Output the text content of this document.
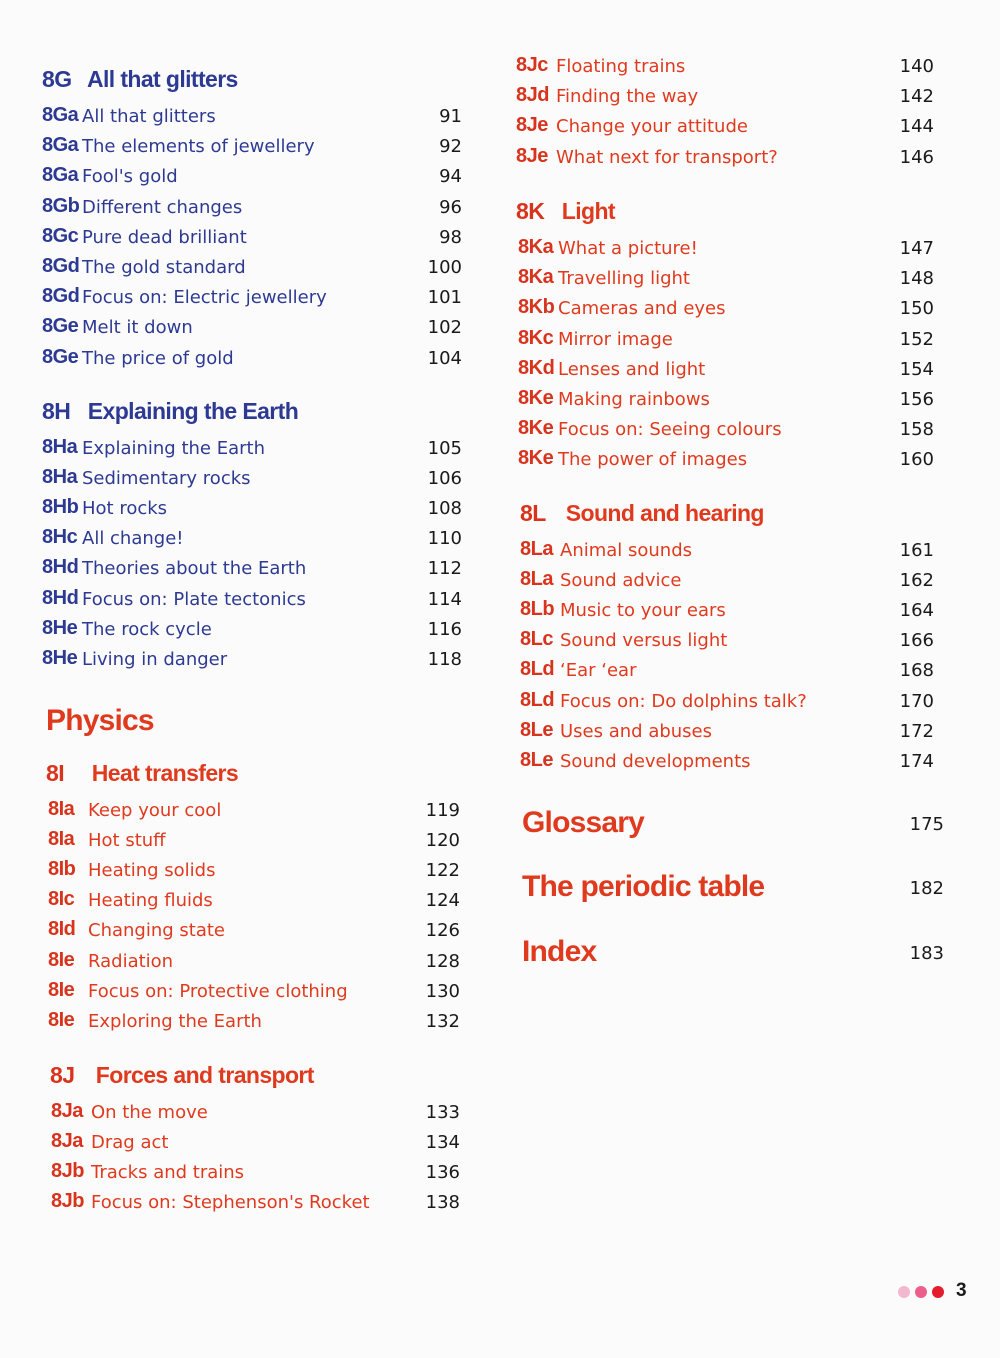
8G All that glitters
8Ga All that glitters	91
8Ga The elements of jewellery	92
8Ga Fool's gold	94
8Gb Different changes	96
8Gc Pure dead brilliant	98
8Gd The gold standard	100
8Gd Focus on: Electric jewellery	101
8Ge Melt it down	102
8Ge The price of gold	104
8H Explaining the Earth
8Ha Explaining the Earth	105
8Ha Sedimentary rocks	106
8Hb Hot rocks	108
8Hc All change!	110
8Hd Theories about the Earth	112
8Hd Focus on: Plate tectonics	114
8He The rock cycle	116
8He Living in danger	118
Physics
8I Heat transfers
8Ia Keep your cool	119
8Ia Hot stuff	120
8Ib Heating solids	122
8Ic Heating fluids	124
8Id Changing state	126
8Ie Radiation	128
8Ie Focus on: Protective clothing	130
8Ie Exploring the Earth	132
8J Forces and transport
8Ja On the move	133
8Ja Drag act	134
8Jb Tracks and trains	136
8Jb Focus on: Stephenson's Rocket	138
8Jc Floating trains	140
8Jd Finding the way	142
8Je Change your attitude	144
8Je What next for transport?	146
8K Light
8Ka What a picture!	147
8Ka Travelling light	148
8Kb Cameras and eyes	150
8Kc Mirror image	152
8Kd Lenses and light	154
8Ke Making rainbows	156
8Ke Focus on: Seeing colours	158
8Ke The power of images	160
8L Sound and hearing
8La Animal sounds	161
8La Sound advice	162
8Lb Music to your ears	164
8Lc Sound versus light	166
8Ld ‘Ear ‘ear	168
8Ld Focus on: Do dolphins talk?	170
8Le Uses and abuses	172
8Le Sound developments	174
Glossary	175
The periodic table	182
Index	183
3
